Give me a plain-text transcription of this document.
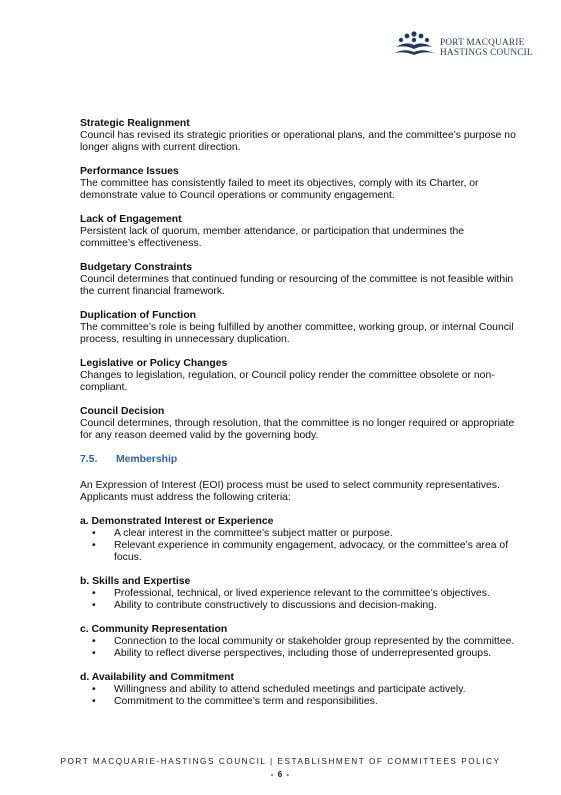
PORT MACQUARIE
HASTINGS COUNCIL
Strategic Realignment

Council has revised its strategic priorities or operational plans, and the committee’s purpose no longer aligns with current direction.

Performance Issues

The committee has consistently failed to meet its objectives, comply with its Charter, or demonstrate value to Council operations or community engagement.

Lack of Engagement

Persistent lack of quorum, member attendance, or participation that undermines the committee’s effectiveness.

Budgetary Constraints

Council determines that continued funding or resourcing of the committee is not feasible within the current financial framework.

Duplication of Function

The committee’s role is being fulfilled by another committee, working group, or internal Council process, resulting in unnecessary duplication.

Legislative or Policy Changes

Changes to legislation, regulation, or Council policy render the committee obsolete or non-compliant.

Council Decision

Council determines, through resolution, that the committee is no longer required or appropriate for any reason deemed valid by the governing body.

7.5.	Membership

An Expression of Interest (EOI) process must be used to select community representatives. Applicants must address the following criteria:

a. Demonstrated Interest or Experience
• A clear interest in the committee’s subject matter or purpose.
• Relevant experience in community engagement, advocacy, or the committee’s area of focus.
b. Skills and Expertise
• Professional, technical, or lived experience relevant to the committee’s objectives.
• Ability to contribute constructively to discussions and decision-making.
c. Community Representation
• Connection to the local community or stakeholder group represented by the committee.
• Ability to reflect diverse perspectives, including those of underrepresented groups.
d. Availability and Commitment
• Willingness and ability to attend scheduled meetings and participate actively.
• Commitment to the committee’s term and responsibilities.
PORT MACQUARIE-HASTINGS COUNCIL | ESTABLISHMENT OF COMMITTEES POLICY
- 6 -
